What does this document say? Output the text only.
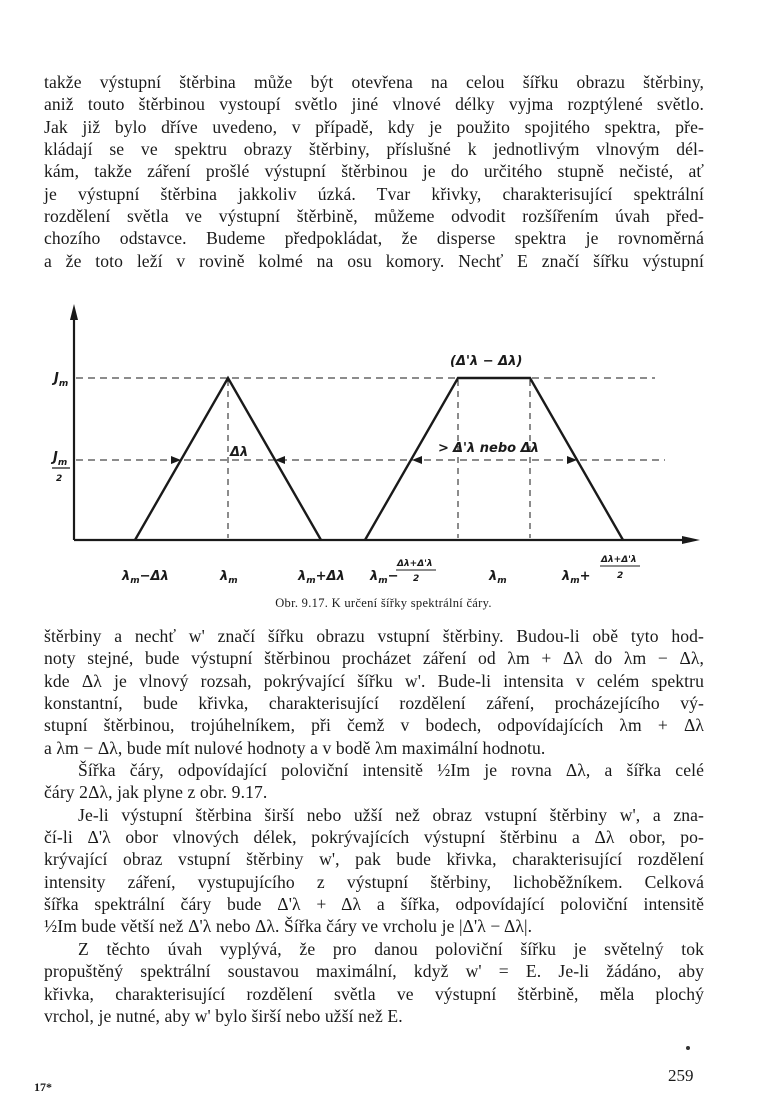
takže výstupní štěrbina může být otevřena na celou šířku obrazu štěrbiny,
aniž touto štěrbinou vystoupí světlo jiné vlnové délky vyjma rozptýlené světlo.
Jak již bylo dříve uvedeno, v případě, kdy je použito spojitého spektra, pře-
kládají se ve spektru obrazy štěrbiny, příslušné k jednotlivým vlnovým dél-
kám, takže záření prošlé výstupní štěrbinou je do určitého stupně nečisté, ať
je výstupní štěrbina jakkoliv úzká. Tvar křivky, charakterisující spektrální
rozdělení světla ve výstupní štěrbině, můžeme odvodit rozšířením úvah před-
chozího odstavce. Budeme předpokládat, že disperse spektra je rovnoměrná
a že toto leží v rovině kolmé na osu komory. Nechť E značí šířku výstupní
$J_m$
$J_m$
2
Δλ
(Δ'λ − Δλ)
> Δ'λ nebo Δλ
$\lambda_m-\Delta\lambda$	$\lambda_m$	$\lambda_m+\Delta\lambda$ $\lambda_m-$
Δλ+Δ'λ
2	$\lambda_m$	$\lambda_m+$
Δλ+Δ'λ
2
Obr. 9.17. K určení šířky spektrální čáry.
štěrbiny a nechť w' značí šířku obrazu vstupní štěrbiny. Budou-li obě tyto hod-
noty stejné, bude výstupní štěrbinou procházet záření od λm + Δλ do λm − Δλ,
kde Δλ je vlnový rozsah, pokrývající šířku w'. Bude-li intensita v celém spektru
konstantní, bude křivka, charakterisující rozdělení záření, procházejícího vý-
stupní štěrbinou, trojúhelníkem, při čemž v bodech, odpovídajících λm + Δλ
a λm − Δλ, bude mít nulové hodnoty a v bodě λm maximální hodnotu.
Šířka čáry, odpovídající poloviční intensitě ½Im je rovna Δλ, a šířka celé
čáry 2Δλ, jak plyne z obr. 9.17.
Je-li výstupní štěrbina širší nebo užší než obraz vstupní štěrbiny w', a zna-
čí-li Δ'λ obor vlnových délek, pokrývajících výstupní štěrbinu a Δλ obor, po-
krývající obraz vstupní štěrbiny w', pak bude křivka, charakterisující rozdělení
intensity záření, vystupujícího z výstupní štěrbiny, lichoběžníkem. Celková
šířka spektrální čáry bude Δ'λ + Δλ a šířka, odpovídající poloviční intensitě
½Im bude větší než Δ'λ nebo Δλ. Šířka čáry ve vrcholu je |Δ'λ − Δλ|.
Z těchto úvah vyplývá, že pro danou poloviční šířku je světelný tok
propuštěný spektrální soustavou maximální, když w' = E. Je-li žádáno, aby
křivka, charakterisující rozdělení světla ve výstupní štěrbině, měla plochý
vrchol, je nutné, aby w' bylo širší nebo užší než E.
17*
259
